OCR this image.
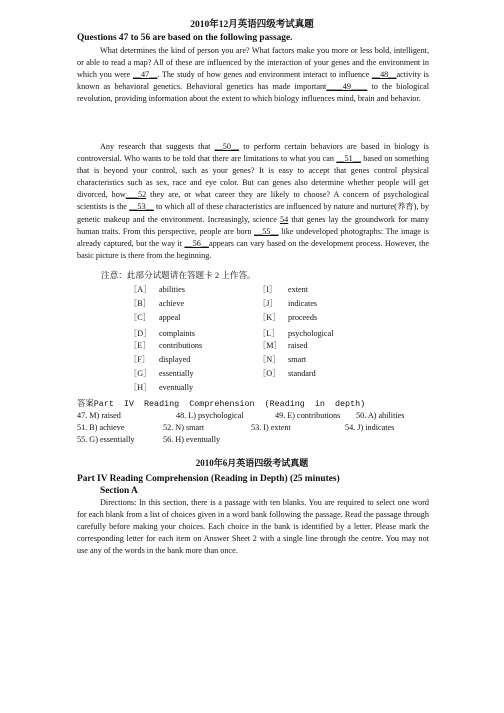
2010年12月英语四级考试真题
Questions 47 to 56 are based on the following passage.

What determines the kind of person you are? What factors make you more or less bold, intelligent, or able to read a map? All of these are influenced by the interaction of your genes and the environment in which you were __47__. The study of how genes and environment interact to influence __48__activity is known as behavioral genetics. Behavioral genetics has made important____49____ to the biological revolution, providing information about the extent to which biology influences mind, brain and behavior.

Any research that suggests that __50__ to perform certain behaviors are based in biology is controversial. Who wants to be told that there are limitations to what you can __51__ based on something that is beyond your control, such as your genes? It is easy to accept that genes control physical characteristics such as sex, race and eye color. But can genes also determine whether people will get divorced, how___52 they are, or what career they are likely to choose? A concern of psychological scientists is the __53__ to which all of these characteristics are influenced by nature and nurture(养育), by genetic makeup and the environment. Increasingly, science 54 that genes lay the groundwork for many human traits. From this perspective, people are born __55__ like undeveloped photographs: The image is already captured, but the way it __56__appears can vary based on the development process. However, the basic picture is there from the beginning.

注意：此部分试题请在答题卡 2 上作答。
［A］ abilities	［I］ extent
［B］ achieve	［J］ indicates
［C］ appeal	［K］ proceeds
［D］ complaints	［L］ psychological
［E］ contributions	［M］ raised
［F］ displayed	［N］ smart
［G］ essentially	［O］ standard
［H］ eventually
答案Part  IV  Reading  Comprehension  (Reading  in  depth)
47. M) raised	48. L) psychological	49. E) contributions 50. A) abilities
51. B) achieve	52. N) smart	53. I) extent	54. J) indicates
55. G) essentially	56. H) eventually
2010年6月英语四级考试真题
Part IV Reading Comprehension (Reading in Depth) (25 minutes)
Section A

Directions: In this section, there is a passage with ten blanks. You are required to select one word for each blank from a list of choices given in a word bank following the passage. Read the passage through carefully before making your choices. Each choice in the bank is identified by a letter. Please mark the corresponding letter for each item on Answer Sheet 2 with a single line through the centre. You may not use any of the words in the bank more than once.
